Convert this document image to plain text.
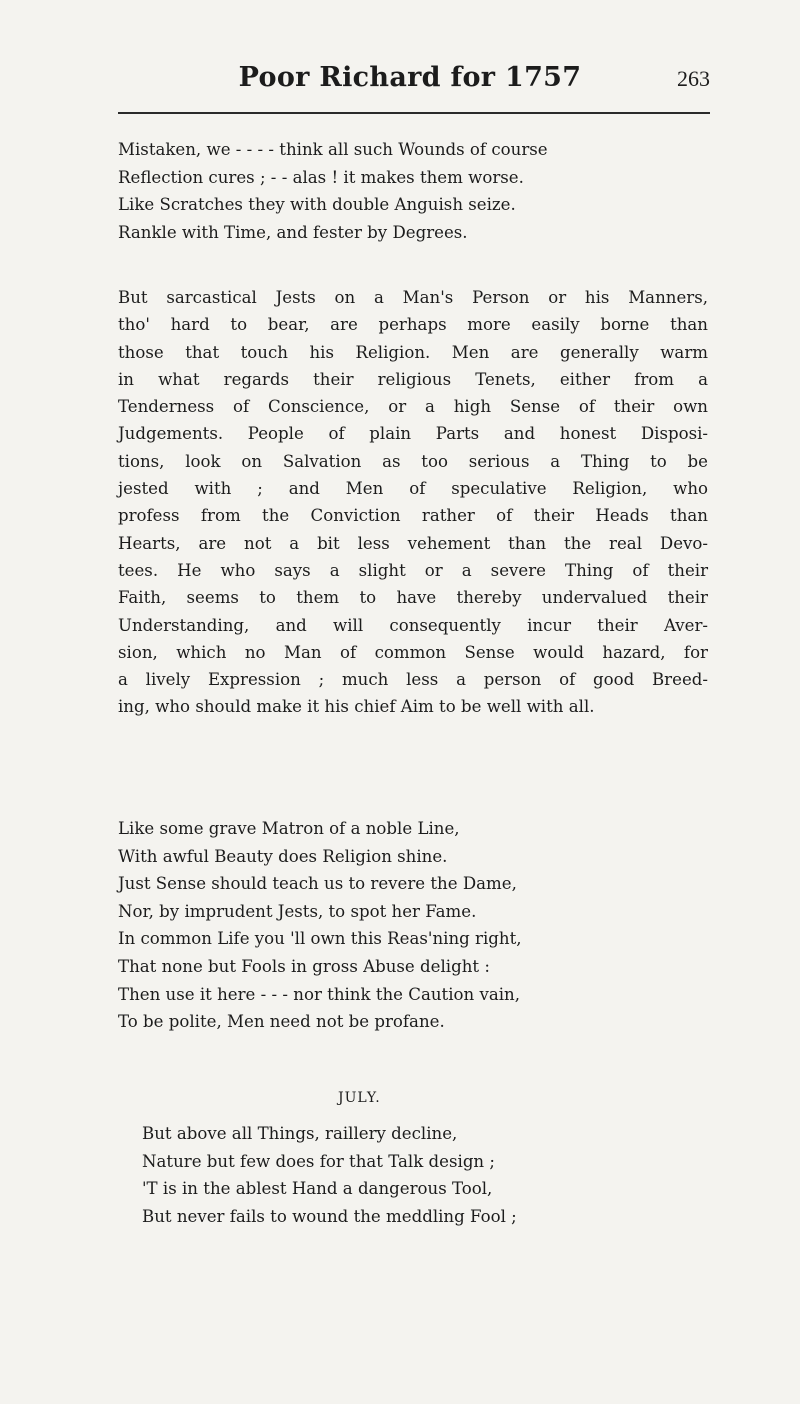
Poor Richard for 1757	263
Mistaken, we - - - - think all such Wounds of course
Reflection cures ; - - alas ! it makes them worse.
Like Scratches they with double Anguish seize.
Rankle with Time, and fester by Degrees.
But sarcastical Jests on a Man's Person or his Manners,
tho' hard to bear, are perhaps more easily borne than
those that touch his Religion. Men are generally warm
in what regards their religious Tenets, either from a
Tenderness of Conscience, or a high Sense of their own
Judgements. People of plain Parts and honest Disposi-
tions, look on Salvation as too serious a Thing to be
jested with ; and Men of speculative Religion, who
profess from the Conviction rather of their Heads than
Hearts, are not a bit less vehement than the real Devo-
tees. He who says a slight or a severe Thing of their
Faith, seems to them to have thereby undervalued their
Understanding, and will consequently incur their Aver-
sion, which no Man of common Sense would hazard, for
a lively Expression ; much less a person of good Breed-
ing, who should make it his chief Aim to be well with all.
Like some grave Matron of a noble Line,
With awful Beauty does Religion shine.
Just Sense should teach us to revere the Dame,
Nor, by imprudent Jests, to spot her Fame.
In common Life you 'll own this Reas'ning right,
That none but Fools in gross Abuse delight :
Then use it here - - - nor think the Caution vain,
To be polite, Men need not be profane.
JULY.
But above all Things, raillery decline,
Nature but few does for that Talk design ;
'T is in the ablest Hand a dangerous Tool,
But never fails to wound the meddling Fool ;
